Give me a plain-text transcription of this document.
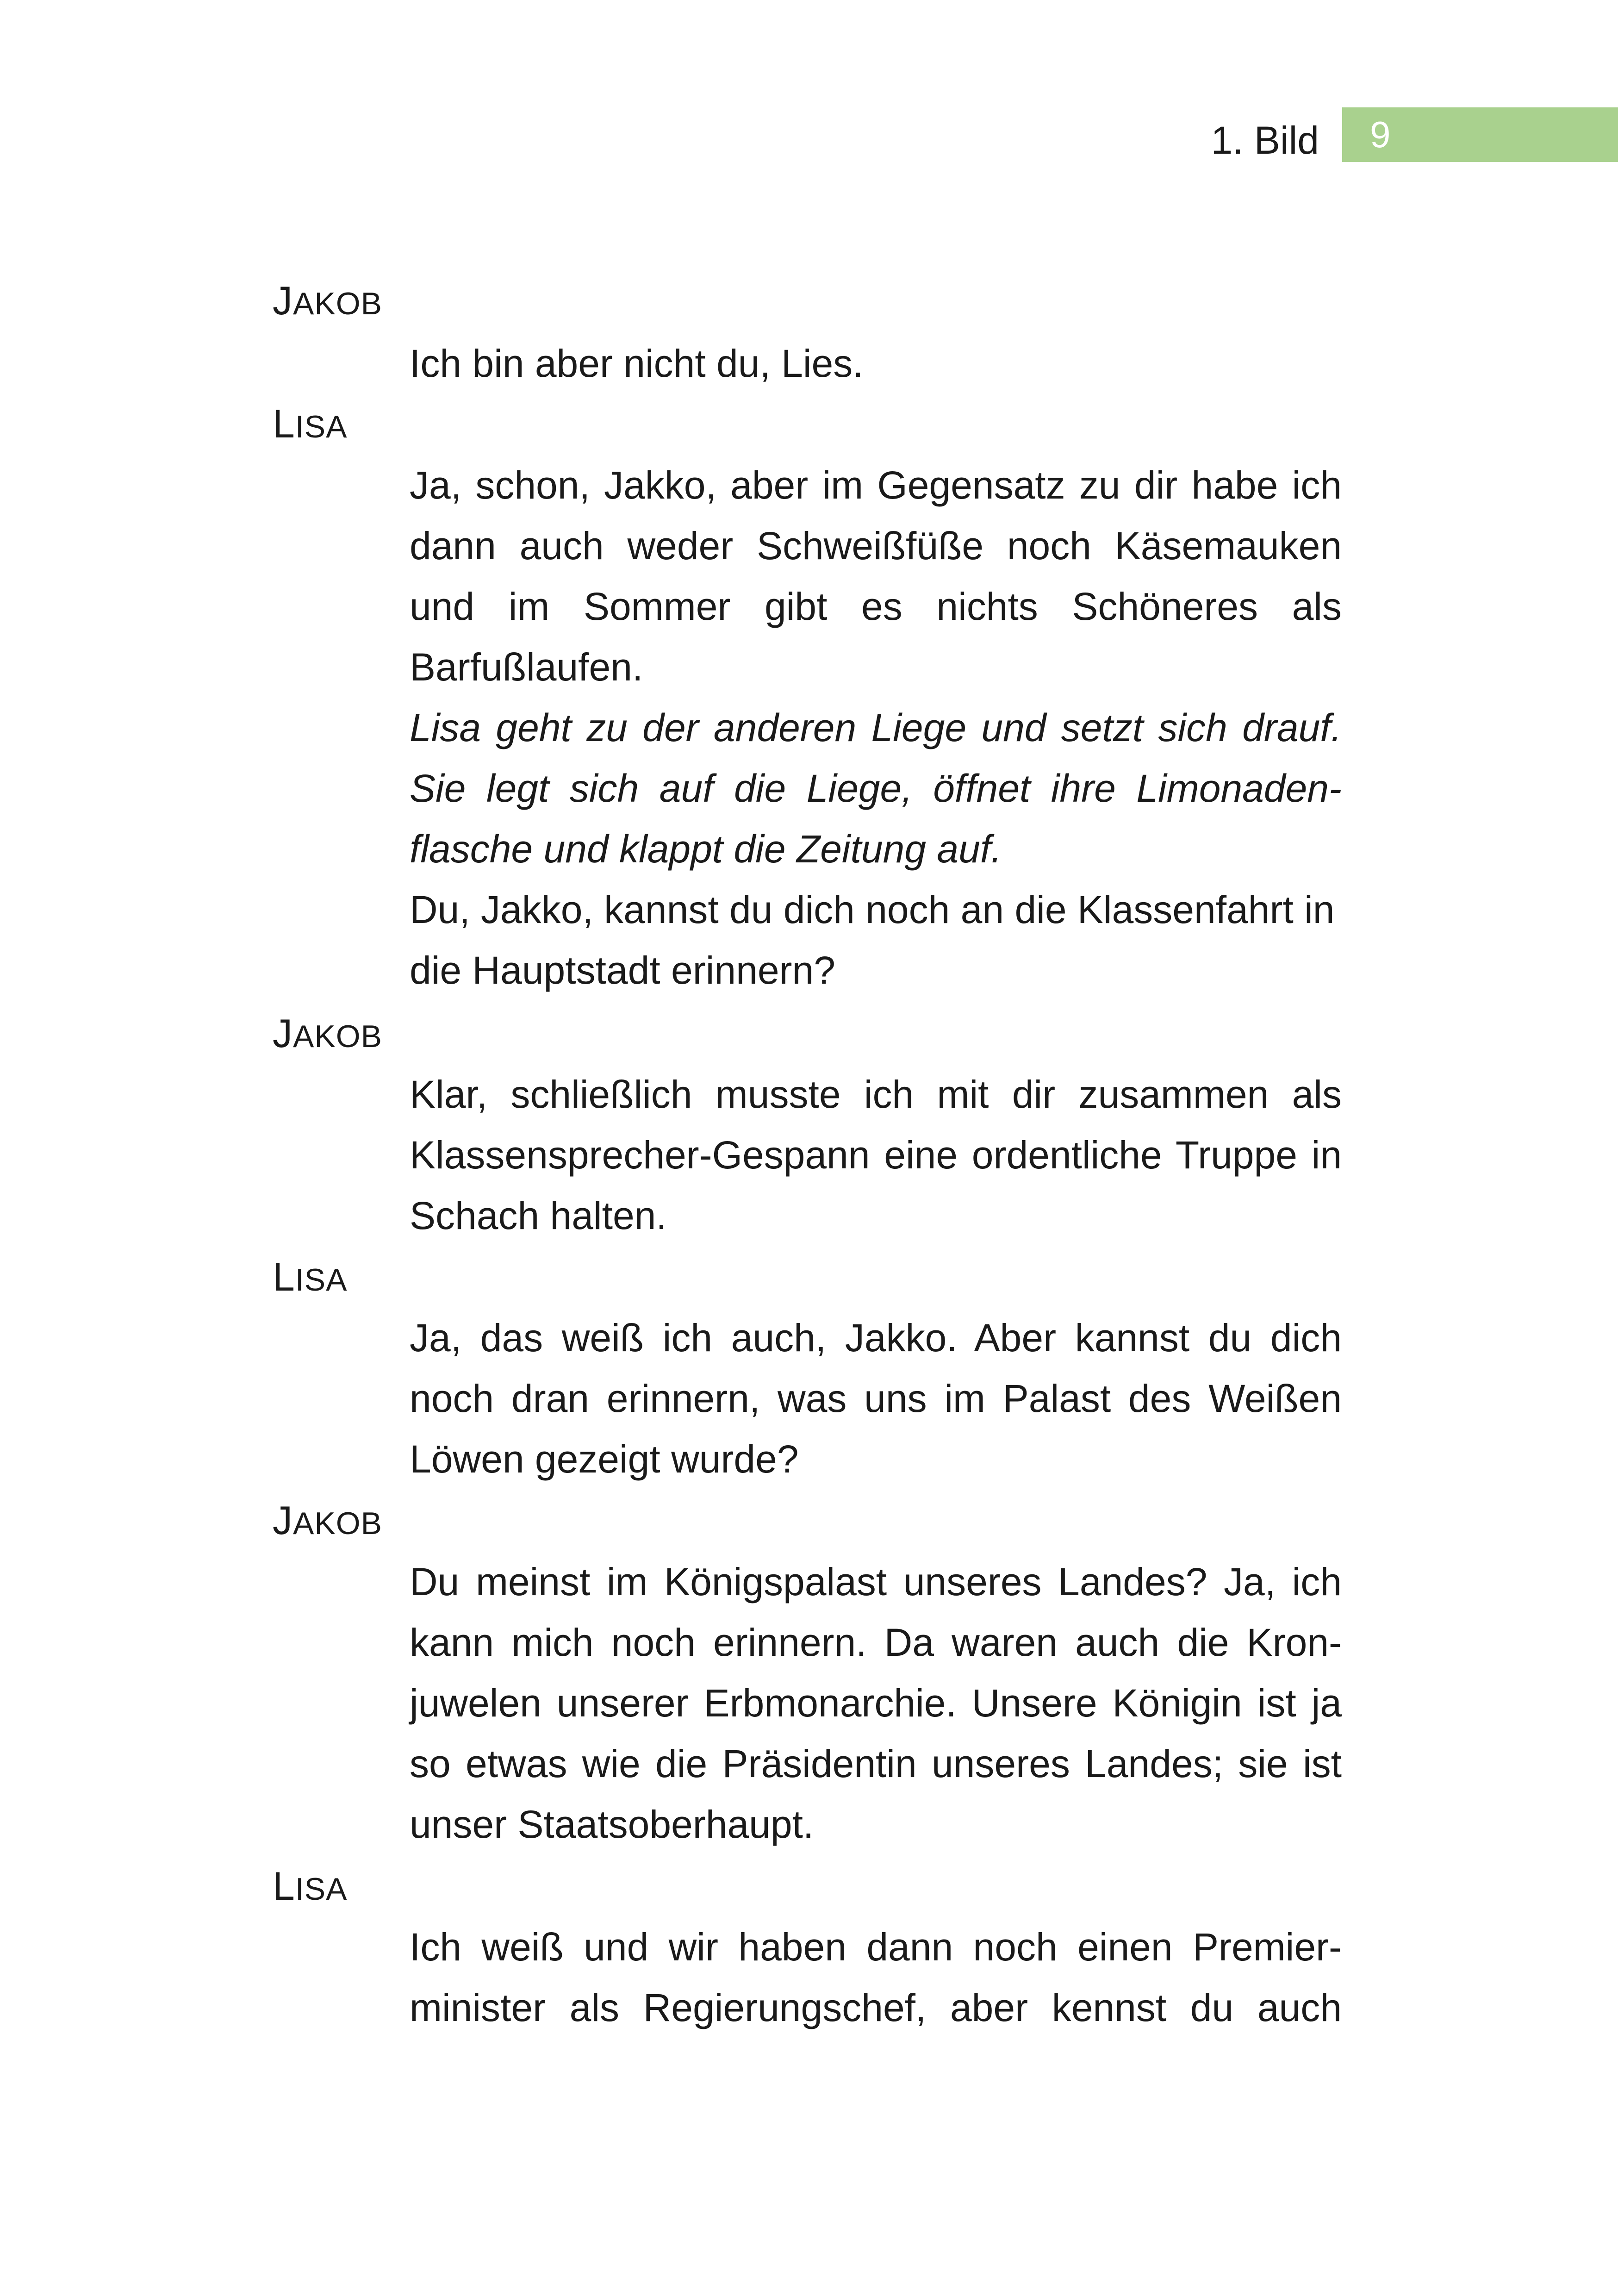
1. Bild 9
JAKOB

Ich bin aber nicht du, Lies.

LISA

Ja, schon, Jakko, aber im Gegensatz zu dir habe ich dann auch weder Schweißfüße noch Käsemauken und im Sommer gibt es nichts Schöneres als Barfußlaufen.

Lisa geht zu der anderen Liege und setzt sich drauf. Sie legt sich auf die Liege, öffnet ihre Limonaden-flasche und klappt die Zeitung auf.

Du, Jakko, kannst du dich noch an die Klassenfahrt in die Hauptstadt erinnern?

JAKOB

Klar, schließlich musste ich mit dir zusammen als Klassensprecher-Gespann eine ordentliche Truppe in Schach halten.

LISA

Ja, das weiß ich auch, Jakko. Aber kannst du dich noch dran erinnern, was uns im Palast des Weißen Löwen gezeigt wurde?

JAKOB

Du meinst im Königspalast unseres Landes? Ja, ich kann mich noch erinnern. Da waren auch die Kron-juwelen unserer Erbmonarchie. Unsere Königin ist ja so etwas wie die Präsidentin unseres Landes; sie ist unser Staatsoberhaupt.

LISA

Ich weiß und wir haben dann noch einen Premier-minister als Regierungschef, aber kennst du auch
